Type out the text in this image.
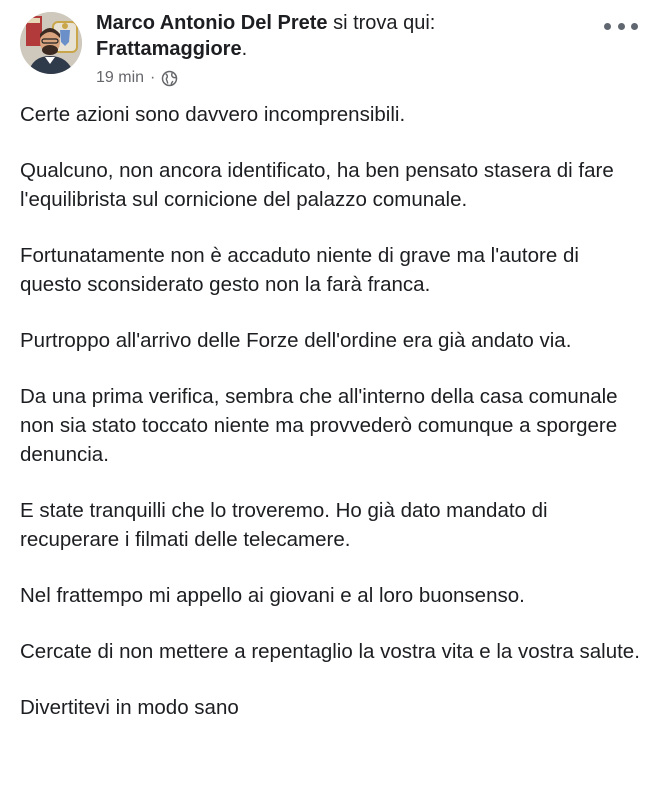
Marco Antonio Del Prete si trova qui:
Frattamaggiore.
19 min ·

Certe azioni sono davvero incomprensibili.

Qualcuno, non ancora identificato, ha ben pensato stasera di fare l'equilibrista sul cornicione del palazzo comunale.

Fortunatamente non è accaduto niente di grave ma l'autore di questo sconsiderato gesto non la farà franca.

Purtroppo all'arrivo delle Forze dell'ordine era già andato via.

Da una prima verifica, sembra che all'interno della casa comunale non sia stato toccato niente ma provvederò comunque a sporgere denuncia.

E state tranquilli che lo troveremo. Ho già dato mandato di recuperare i filmati delle telecamere.

Nel frattempo mi appello ai giovani e al loro buonsenso.

Cercate di non mettere a repentaglio la vostra vita e la vostra salute.

Divertitevi in modo sano
